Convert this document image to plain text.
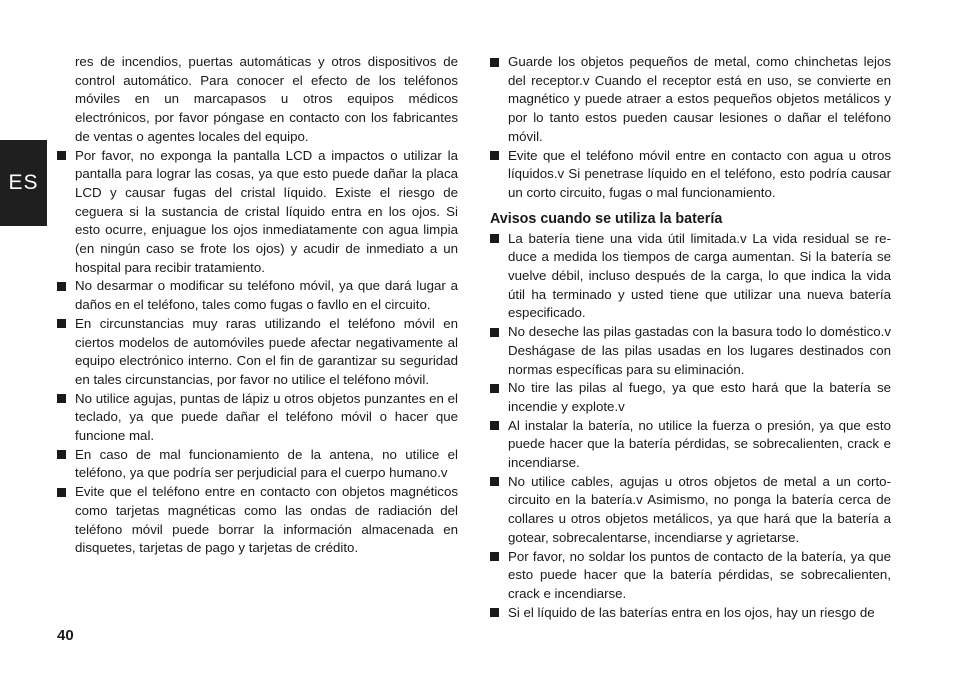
ES

res de incendios, puertas automáticas y otros dispositivos de control automático. Para conocer el efecto de los teléfonos móviles en un marcapasos u otros equipos médicos electrónicos, por favor póngase en contacto con los fabricantes de ventas o agentes locales del equipo.

Por favor, no exponga la pantalla LCD a impactos o utilizar la pantalla para lograr las cosas, ya que esto puede dañar la placa LCD y causar fugas del cristal líquido. Existe el riesgo de ceguera si la sustancia de cristal líquido entra en los ojos. Si esto ocurre, enjuague los ojos inmediatamente con agua limpia (en ningún caso se frote los ojos) y acudir de inmediato a un hospital para recibir tratamiento.

No desarmar o modificar su teléfono móvil, ya que dará lugar a daños en el teléfono, tales como fugas o favllo en el circuito.

En circunstancias muy raras utilizando el teléfono móvil en ciertos modelos de automóviles puede afectar negativamente al equipo electrónico interno. Con el fin de garantizar su seguridad en tales circunstancias, por favor no utilice el teléfono móvil.

No utilice agujas, puntas de lápiz u otros objetos punzantes en el teclado, ya que puede dañar el teléfono móvil o hacer que funcione mal.

En caso de mal funcionamiento de la antena, no utilice el teléfono, ya que podría ser perjudicial para el cuerpo humano.v

Evite que el teléfono entre en contacto con objetos magnéticos como tarjetas magnéticas como las ondas de radiación del teléfono móvil puede borrar la información almacenada en disquetes, tarjetas de pago y tarjetas de crédito.

Guarde los objetos pequeños de metal, como chinchetas lejos del receptor.v Cuando el receptor está en uso, se convierte en magnético y puede atraer a estos pequeños objetos metálicos y por lo tanto estos pueden causar lesiones o dañar el teléfono móvil.

Evite que el teléfono móvil entre en contacto con agua u otros líquidos.v Si penetrase líquido en el teléfono, esto podría causar un corto circuito, fugas o mal funcionamiento.

Avisos cuando se utiliza la batería

La batería tiene una vida útil limitada.v La vida residual se reduce a medida los tiempos de carga aumentan. Si la batería se vuelve débil, incluso después de la carga, lo que indica la vida útil ha terminado y usted tiene que utilizar una nueva batería especificado.

No deseche las pilas gastadas con la basura todo lo doméstico.v Deshágase de las pilas usadas en los lugares destinados con normas específicas para su eliminación.

No tire las pilas al fuego, ya que esto hará que la batería se incendie y explote.v

Al instalar la batería, no utilice la fuerza o presión, ya que esto puede hacer que la batería pérdidas, se sobrecalienten, crack e incendiarse.

No utilice cables, agujas u otros objetos de metal a un cortocircuito en la batería.v Asimismo, no ponga la batería cerca de collares u otros objetos metálicos, ya que hará que la batería a gotear, sobrecalentarse, incendiarse y agrietarse.

Por favor, no soldar los puntos de contacto de la batería, ya que esto puede hacer que la batería pérdidas, se sobrecalienten, crack e incendiarse.

Si el líquido de las baterías entra en los ojos, hay un riesgo de

40
